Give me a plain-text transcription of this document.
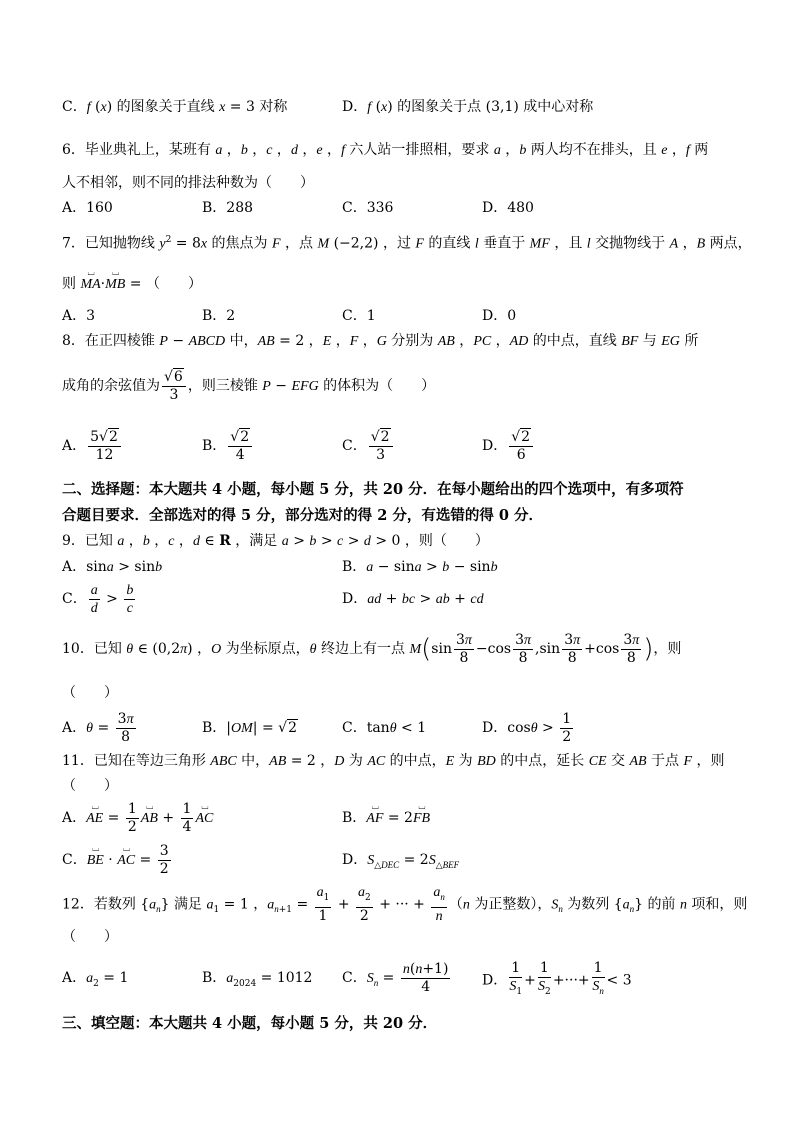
C．f (x) 的图象关于直线 x = 3 对称	D．f (x) 的图象关于点 (3,1) 成中心对称
6．毕业典礼上，某班有 a ，b ，c ，d ，e ，f 六人站一排照相，要求 a ，b 两人均不在排头，且 e ，f 两
人不相邻，则不同的排法种数为（　　）
A．160	B．288	C．336	D．480
7．已知抛物线 $y^2 = 8x$ 的焦点为 F ，点 M (−2,2) ，过 F 的直线 l 垂直于 MF ，且 l 交抛物线于 A ，B 两点，
则 ⌴ MA·⌴ MB = （　　）
A．3	B．2	C．1	D．0
8．在正四棱锥 P − ABCD 中，AB = 2 ，E ，F ，G 分别为 AB ，PC ，AD 的中点，直线 BF 与 EG 所
成角的余弦值为 $\frac{√6}{3}$ ，则三棱锥 P − EFG 的体积为（　　）
A． $\frac{5√2}{12}$	B． $\frac{√2}{4}$	C． $\frac{√2}{3}$	D． $\frac{√2}{6}$
二、选择题：本大题共 4 小题，每小题 5 分，共 20 分．在每小题给出的四个选项中，有多项符
合题目要求．全部选对的得 5 分，部分选对的得 2 分，有选错的得 0 分．
9．已知 a ，b ，c ，d ∈ R ，满足 a > b > c > d > 0 ，则（　　）
A．sina > sinb	B．a − sina > b − sinb
C． $\frac{a}{d} > \frac{b}{c}$	D．ad + bc > ab + cd
10．已知 θ ∈ (0,2π) ，O 为坐标原点，θ 终边上有一点 $M(\sin \frac{3\pi}{8} -\cos \frac{3\pi}{8} ,\sin \frac{3\pi}{8} +\cos \frac{3\pi}{8}$ )，则
（　　）
A．$\theta = \frac{3\pi}{8}$	B．|OM| = √2	C．tanθ < 1	D．$\cos\theta > \frac{1}{2}$
11．已知在等边三角形 ABC 中，AB = 2 ，D 为 AC 的中点，E 为 BD 的中点，延长 CE 交 AB 于点 F ，则
（　　）
A．⌴ AE = $\frac{1}{2}$ ⌴ AB + $\frac{1}{4}$ ⌴ AC	B．⌴ AF = 2⌴ FB
C．⌴ BE · ⌴ AC = $\frac{3}{2}$	D．$S_{\triangle DEC} = 2S_{\triangle BEF}$
12．若数列 $\{a_n\}$ 满足 $a_1 = 1$ ，$a_{n+1} = \frac{a_1}{1} + \frac{a_2}{2}$ + ··· + $\frac{a_n}{n} (n$ 为正整数），$S_n$ 为数列 $\{a_n\}$ 的前 n 项和，则
（　　）
A．$a_2 = 1$	B．$a_{2024} = 1012$ C．$S_n = \frac{n(n+1)}{4}$ D． $\frac{1}{S_1} + \frac{1}{S_2}$ +···+ $\frac{1}{S_n} < 3$
三、填空题：本大题共 4 小题，每小题 5 分，共 20 分．
